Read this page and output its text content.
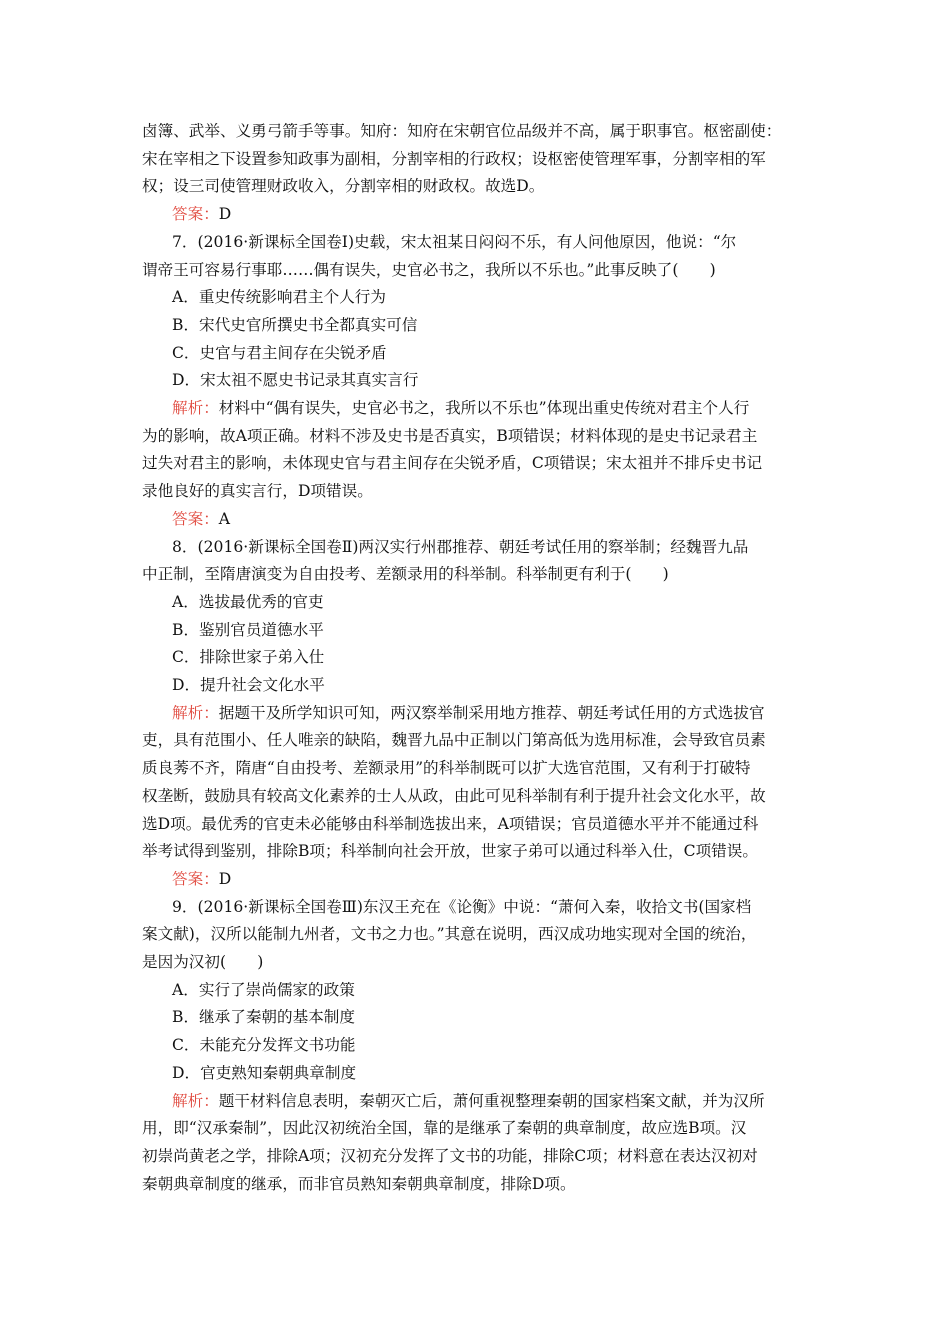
卤簿、武举、义勇弓箭手等事。知府：知府在宋朝官位品级并不高，属于职事官。枢密副使：
宋在宰相之下设置参知政事为副相，分割宰相的行政权；设枢密使管理军事，分割宰相的军
权；设三司使管理财政收入，分割宰相的财政权。故选D。
答案：D
7．(2016·新课标全国卷Ⅰ)史载，宋太祖某日闷闷不乐，有人问他原因，他说：“尔
谓帝王可容易行事耶……偶有误失，史官必书之，我所以不乐也。”此事反映了(　　)
A．重史传统影响君主个人行为
B．宋代史官所撰史书全都真实可信
C．史官与君主间存在尖锐矛盾
D．宋太祖不愿史书记录其真实言行
解析：材料中“偶有误失，史官必书之，我所以不乐也”体现出重史传统对君主个人行
为的影响，故A项正确。材料不涉及史书是否真实，B项错误；材料体现的是史书记录君主
过失对君主的影响，未体现史官与君主间存在尖锐矛盾，C项错误；宋太祖并不排斥史书记
录他良好的真实言行，D项错误。
答案：A
8．(2016·新课标全国卷Ⅱ)两汉实行州郡推荐、朝廷考试任用的察举制；经魏晋九品
中正制，至隋唐演变为自由投考、差额录用的科举制。科举制更有利于(　　)
A．选拔最优秀的官吏
B．鉴别官员道德水平
C．排除世家子弟入仕
D．提升社会文化水平
解析：据题干及所学知识可知，两汉察举制采用地方推荐、朝廷考试任用的方式选拔官
吏，具有范围小、任人唯亲的缺陷，魏晋九品中正制以门第高低为选用标准，会导致官员素
质良莠不齐，隋唐“自由投考、差额录用”的科举制既可以扩大选官范围，又有利于打破特
权垄断，鼓励具有较高文化素养的士人从政，由此可见科举制有利于提升社会文化水平，故
选D项。最优秀的官吏未必能够由科举制选拔出来，A项错误；官员道德水平并不能通过科
举考试得到鉴别，排除B项；科举制向社会开放，世家子弟可以通过科举入仕，C项错误。
答案：D
9．(2016·新课标全国卷Ⅲ)东汉王充在《论衡》中说：“萧何入秦，收拾文书(国家档
案文献)，汉所以能制九州者，文书之力也。”其意在说明，西汉成功地实现对全国的统治，
是因为汉初(　　)
A．实行了崇尚儒家的政策
B．继承了秦朝的基本制度
C．未能充分发挥文书功能
D．官吏熟知秦朝典章制度
解析：题干材料信息表明，秦朝灭亡后，萧何重视整理秦朝的国家档案文献，并为汉所
用，即“汉承秦制”，因此汉初统治全国，靠的是继承了秦朝的典章制度，故应选B项。汉
初崇尚黄老之学，排除A项；汉初充分发挥了文书的功能，排除C项；材料意在表达汉初对
秦朝典章制度的继承，而非官员熟知秦朝典章制度，排除D项。
